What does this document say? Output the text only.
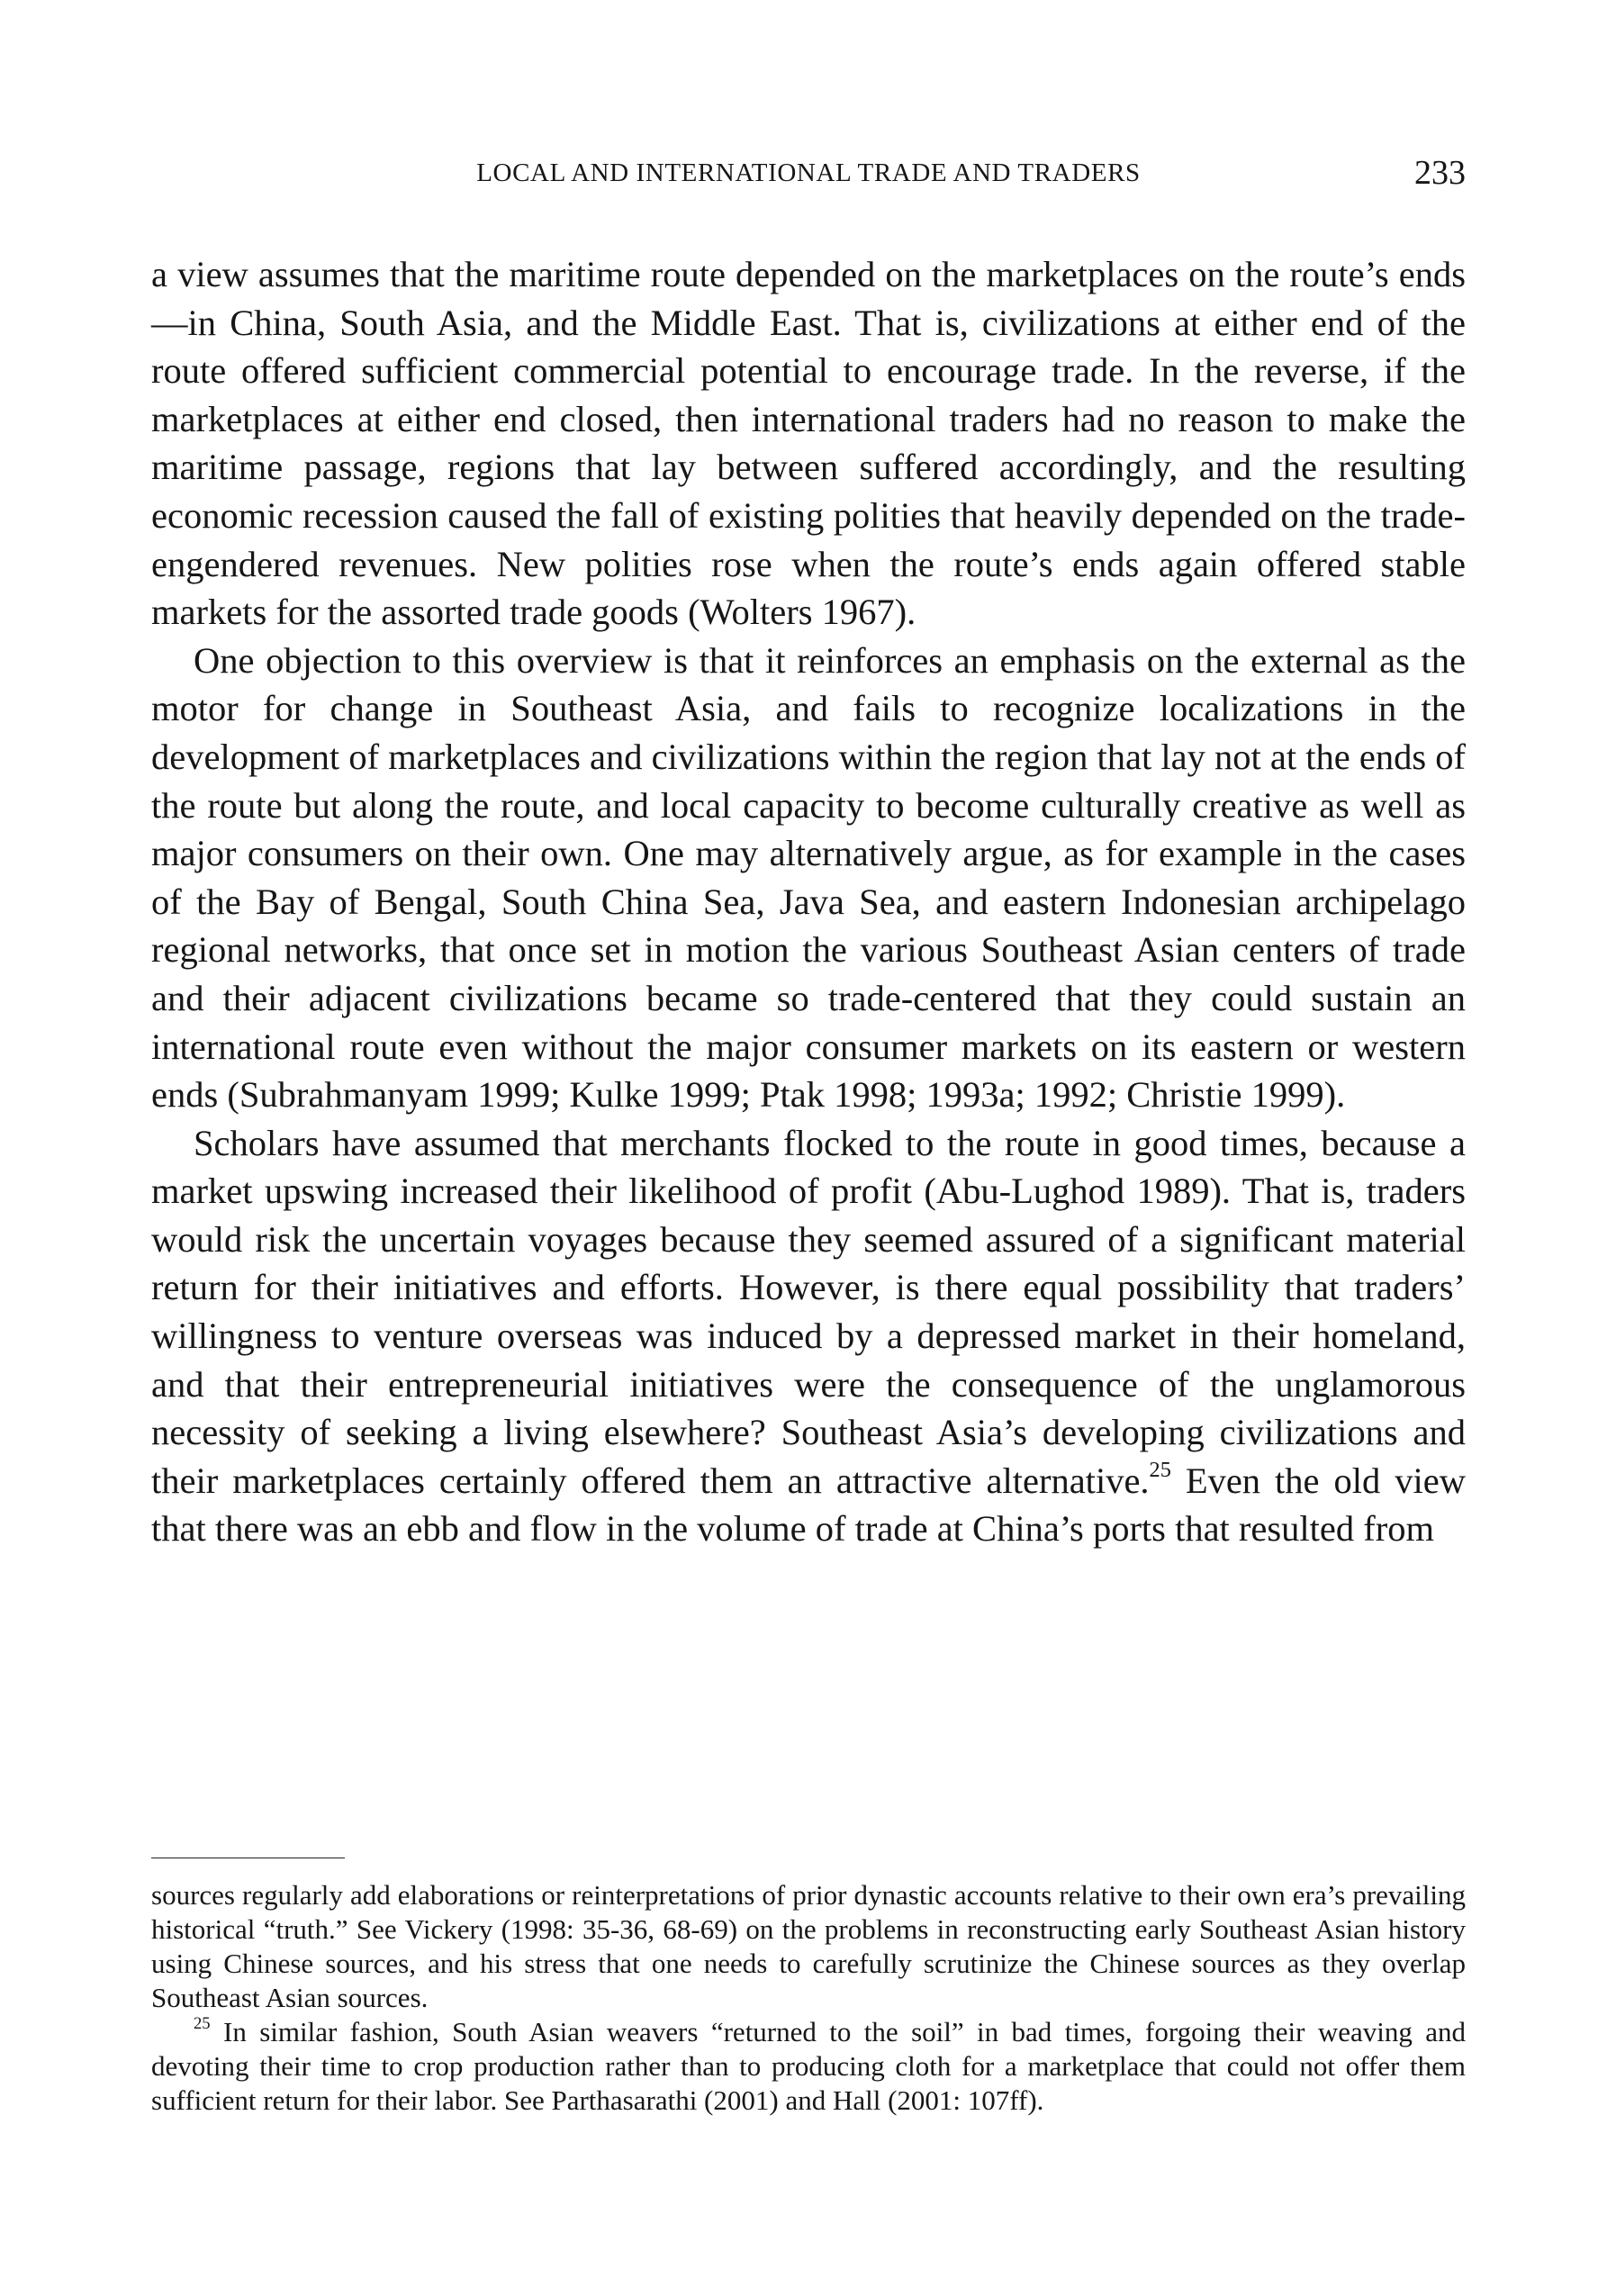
LOCAL AND INTERNATIONAL TRADE AND TRADERS	233

a view assumes that the maritime route depended on the marketplaces on the route’s ends—in China, South Asia, and the Middle East. That is, civilizations at either end of the route offered sufficient commercial potential to encourage trade. In the reverse, if the marketplaces at either end closed, then international traders had no reason to make the maritime passage, regions that lay between suffered accordingly, and the resulting economic recession caused the fall of existing polities that heavily depended on the trade-engendered revenues. New polities rose when the route’s ends again offered stable markets for the assorted trade goods (Wolters 1967).

One objection to this overview is that it reinforces an emphasis on the external as the motor for change in Southeast Asia, and fails to recognize localizations in the development of marketplaces and civilizations within the region that lay not at the ends of the route but along the route, and local capacity to become culturally creative as well as major consumers on their own. One may alternatively argue, as for example in the cases of the Bay of Bengal, South China Sea, Java Sea, and eastern Indonesian archipelago regional networks, that once set in motion the various Southeast Asian centers of trade and their adjacent civilizations became so trade-centered that they could sustain an international route even without the major consumer markets on its eastern or western ends (Subrahmanyam 1999; Kulke 1999; Ptak 1998; 1993a; 1992; Christie 1999).

Scholars have assumed that merchants flocked to the route in good times, because a market upswing increased their likelihood of profit (Abu-Lughod 1989). That is, traders would risk the uncertain voyages because they seemed assured of a significant material return for their initiatives and efforts. However, is there equal possibility that traders’ willingness to venture overseas was induced by a depressed market in their homeland, and that their entrepreneurial initiatives were the consequence of the unglamorous necessity of seeking a living elsewhere? Southeast Asia’s developing civilizations and their marketplaces certainly offered them an attractive alternative.$^{25}$ Even the old view that there was an ebb and flow in the volume of trade at China’s ports that resulted from

sources regularly add elaborations or reinterpretations of prior dynastic accounts relative to their own era’s prevailing historical “truth.” See Vickery (1998: 35-36, 68-69) on the problems in reconstructing early Southeast Asian history using Chinese sources, and his stress that one needs to carefully scrutinize the Chinese sources as they overlap Southeast Asian sources.

$^{25}$ In similar fashion, South Asian weavers “returned to the soil” in bad times, forgoing their weaving and devoting their time to crop production rather than to producing cloth for a marketplace that could not offer them sufficient return for their labor. See Parthasarathi (2001) and Hall (2001: 107ff).
